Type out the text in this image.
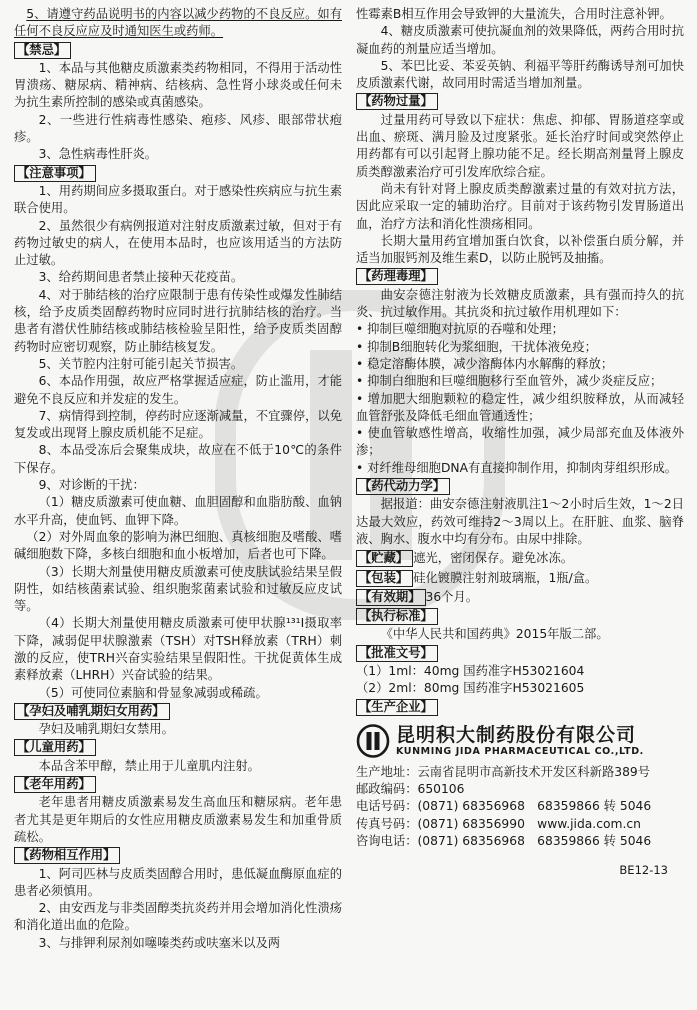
5、请遵守药品说明书的内容以减少药物的不良反应。如有任何不良反应应及时通知医生或药师。

【禁忌】

1、本品与其他糖皮质激素类药物相同，不得用于活动性胃溃疡、糖尿病、精神病、结核病、急性肾小球炎或任何未为抗生素所控制的感染或真菌感染。

2、一些进行性病毒性感染、疱疹、风疹、眼部带状疱疹。

3、急性病毒性肝炎。

【注意事项】

1、用药期间应多摄取蛋白。对于感染性疾病应与抗生素联合使用。

2、虽然很少有病例报道对注射皮质激素过敏，但对于有药物过敏史的病人，在使用本品时，也应该用适当的方法防止过敏。

3、给药期间患者禁止接种天花疫苗。

4、对于肺结核的治疗应限制于患有传染性或爆发性肺结核，给予皮质类固醇药物时应同时进行抗肺结核的治疗。当患者有潜伏性肺结核或肺结核检验呈阳性，给予皮质类固醇药物时应密切观察，防止肺结核复发。

5、关节腔内注射可能引起关节损害。

6、本品作用强，故应严格掌握适应症，防止滥用，才能避免不良反应和并发症的发生。

7、病情得到控制，停药时应逐渐减量，不宜骤停，以免复发或出现肾上腺皮质机能不足症。

8、本品受冻后会聚集成块，故应在不低于10℃的条件下保存。

9、对诊断的干扰：

（1）糖皮质激素可使血糖、血胆固醇和血脂肪酸、血钠水平升高，使血钙、血钾下降。

（2）对外周血象的影响为淋巴细胞、真核细胞及嗜酸、嗜碱细胞数下降，多核白细胞和血小板增加，后者也可下降。

（3）长期大剂量使用糖皮质激素可使皮肤试验结果呈假阴性，如结核菌素试验、组织胞浆菌素试验和过敏反应皮试等。

（4）长期大剂量使用糖皮质激素可使甲状腺¹³¹I摄取率下降，减弱促甲状腺激素（TSH）对TSH释放素（TRH）刺激的反应，使TRH兴奋实验结果呈假阳性。干扰促黄体生成素释放素（LHRH）兴奋试验的结果。

（5）可使同位素脑和骨显象减弱或稀疏。

【孕妇及哺乳期妇女用药】

孕妇及哺乳期妇女禁用。

【儿童用药】

本品含苯甲醇，禁止用于儿童肌内注射。

【老年用药】

老年患者用糖皮质激素易发生高血压和糖尿病。老年患者尤其是更年期后的女性应用糖皮质激素易发生和加重骨质疏松。

【药物相互作用】

1、阿司匹林与皮质类固醇合用时，患低凝血酶原血症的患者必须慎用。

2、由安西龙与非类固醇类抗炎药并用会增加消化性溃疡和消化道出血的危险。

3、与排钾利尿剂如噻嗪类药或呋塞米以及两

性霉素B相互作用会导致钾的大量流失，合用时注意补钾。

4、糖皮质激素可使抗凝血剂的效果降低，两药合用时抗凝血药的剂量应适当增加。

5、苯巴比妥、苯妥英钠、利福平等肝药酶诱导剂可加快皮质激素代谢，故同用时需适当增加剂量。

【药物过量】

过量用药可导致以下症状：焦虑、抑郁、胃肠道痉挛或出血、瘀斑、满月脸及过度紧张。延长治疗时间或突然停止用药都有可以引起肾上腺功能不足。经长期高剂量肾上腺皮质类醇激素治疗可引发库欣综合症。

尚未有针对肾上腺皮质类醇激素过量的有效对抗方法，因此应采取一定的辅助治疗。目前对于该药物引发胃肠道出血，治疗方法和消化性溃疡相同。

长期大量用药宜增加蛋白饮食，以补偿蛋白质分解，并适当加服钙剂及维生素D，以防止脱钙及抽搐。

【药理毒理】

曲安奈德注射液为长效糖皮质激素，具有强而持久的抗炎、抗过敏作用。其抗炎和抗过敏作用机理如下：

• 抑制巨噬细胞对抗原的吞噬和处理；

• 抑制B细胞转化为浆细胞，干扰体液免疫；

• 稳定溶酶体膜，减少溶酶体内水解酶的释放；

• 抑制白细胞和巨噬细胞移行至血管外，减少炎症反应；

• 增加肥大细胞颗粒的稳定性，减少组织胺释放，从而减轻血管舒张及降低毛细血管通透性；

• 使血管敏感性增高，收缩性加强，减少局部充血及体液外渗；

• 对纤维母细胞DNA有直接抑制作用，抑制肉芽组织形成。

【药代动力学】

据报道：曲安奈德注射液肌注1～2小时后生效，1～2日达最大效应，药效可维持2～3周以上。在肝脏、血浆、脑脊液、胸水、腹水中均有分布。由尿中排除。

【贮藏】 遮光，密闭保存。避免冰冻。

【包装】 硅化镀膜注射剂玻璃瓶，1瓶/盒。

【有效期】 36个月。

【执行标准】

《中华人民共和国药典》2015年版二部。

【批准文号】

（1）1ml：40mg 国药准字H53021604

（2）2ml：80mg 国药准字H53021605

【生产企业】
昆明积大制药股份有限公司
KUNMING JIDA PHARMACEUTICAL CO.,LTD.
生产地址： 云南省昆明市高新技术开发区科新路389号
邮政编码： 650106
电话号码： (0871) 68356968　68359866 转 5046
传真号码： (0871) 68356990　www.jida.com.cn
咨询电话： (0871) 68356968　68359866 转 5046
BE12-13
